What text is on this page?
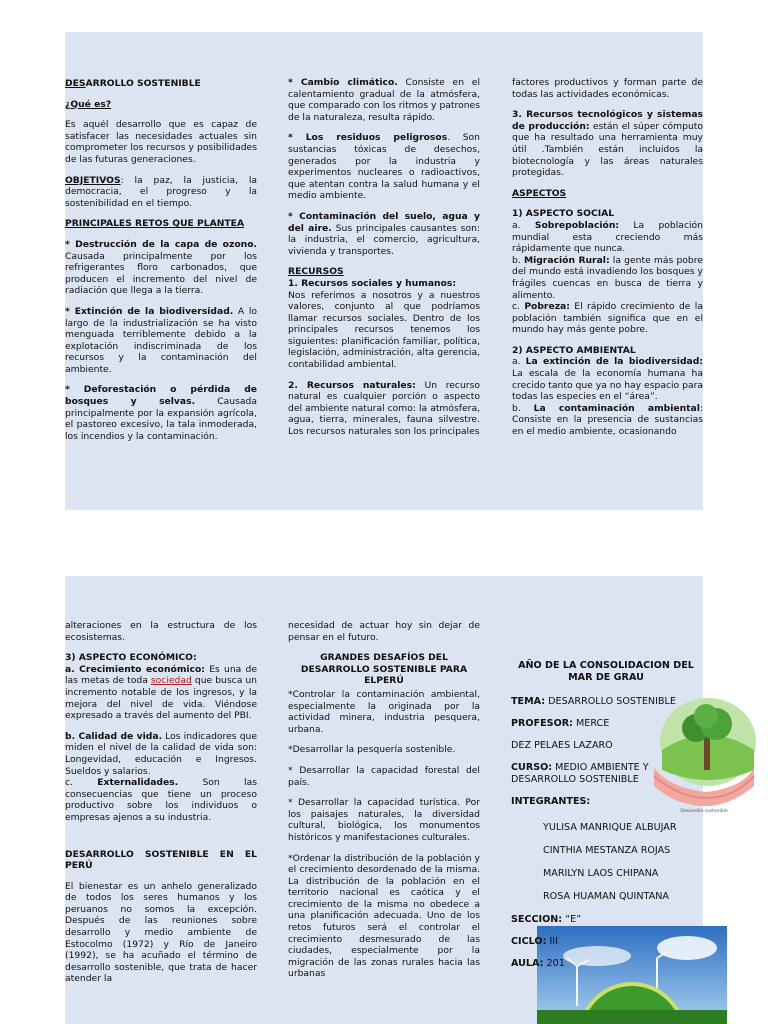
DESARROLLO SOSTENIBLE

¿Qué es?

Es aquél desarrollo que es capaz de satisfacer las necesidades actuales sin comprometer los recursos y posibilidades de las futuras generaciones.

OBJETIVOS: la paz, la justicia, la democracia, el progreso y la sostenibilidad en el tiempo.

PRINCIPALES RETOS QUE PLANTEA

* Destrucción de la capa de ozono. Causada principalmente por los refrigerantes floro carbonados, que producen el incremento del nivel de radiación que llega a la tierra.

* Extinción de la biodiversidad. A lo largo de la industrialización se ha visto menguada terriblemente debido a la explotación indiscriminada de los recursos y la contaminación del ambiente.

* Deforestación o pérdida de bosques y selvas. Causada principalmente por la expansión agrícola, el pastoreo excesivo, la tala inmoderada, los incendios y la contaminación.

* Cambio climático. Consiste en el calentamiento gradual de la atmósfera, que comparado con los ritmos y patrones de la naturaleza, resulta rápido.

* Los residuos peligrosos. Son sustancias tóxicas de desechos, generados por la industria y experimentos nucleares o radioactivos, que atentan contra la salud humana y el medio ambiente.

* Contaminación del suelo, agua y del aire. Sus principales causantes son: la industria, el comercio, agricultura, vivienda y transportes.

RECURSOS

1. Recursos sociales y humanos:

Nos referimos a nosotros y a nuestros valores, conjunto al que podríamos llamar recursos sociales. Dentro de los principales recursos tenemos los siguientes: planificación familiar, política, legislación, administración, alta gerencia, contabilidad ambiental.

2. Recursos naturales: Un recurso natural es cualquier porción o aspecto del ambiente natural como: la atmósfera, agua, tierra, minerales, fauna silvestre. Los recursos naturales son los principales

factores productivos y forman parte de todas las actividades económicas.

3. Recursos tecnológicos y sistemas de producción: están el súper cómputo que ha resultado una herramienta muy útil .También están incluidos la biotecnología y las áreas naturales protegidas.

ASPECTOS

1) ASPECTO SOCIAL

a. Sobrepoblación: La población mundial esta creciendo más rápidamente que nunca.

b. Migración Rural: la gente más pobre del mundo está invadiendo los bosques y frágiles cuencas en busca de tierra y alimento.

c. Pobreza: El rápido crecimiento de la población también significa que en el mundo hay más gente pobre.

2) ASPECTO AMBIENTAL

a. La extinción de la biodiversidad: La escala de la economía humana ha crecido tanto que ya no hay espacio para todas las especies en el “área”.

b. La contaminación ambiental: Consiste en la presencia de sustancias en el medio ambiente, ocasionando

alteraciones en la estructura de los ecosistemas.

3) ASPECTO ECONÓMICO:

a. Crecimiento económico: Es una de las metas de toda sociedad que busca un incremento notable de los ingresos, y la mejora del nivel de vida. Viéndose expresado a través del aumento del PBI.

b. Calidad de vida. Los indicadores que miden el nivel de la calidad de vida son: Longevidad, educación e Ingresos. Sueldos y salarios.

c. Externalidades. Son las consecuencias que tiene un proceso productivo sobre los individuos o empresas ajenos a su industria.

DESARROLLO SOSTENIBLE EN EL PERÚ

El bienestar es un anhelo generalizado de todos los seres humanos y los peruanos no somos la excepción. Después de las reuniones sobre desarrollo y medio ambiente de Estocolmo (1972) y Río de Janeiro (1992), se ha acuñado el término de desarrollo sostenible, que trata de hacer atender la

necesidad de actuar hoy sin dejar de pensar en el futuro.

GRANDES DESAFÍOS DEL DESARROLLO SOSTENIBLE PARA ELPERÚ

*Controlar la contaminación ambiental, especialmente la originada por la actividad minera, industria pesquera, urbana.

*Desarrollar la pesquería sostenible.

* Desarrollar la capacidad forestal del país.

* Desarrollar la capacidad turística. Por los paisajes naturales, la diversidad cultural, biológica, los monumentos históricos y manifestaciones culturales.

*Ordenar la distribución de la población y el crecimiento desordenado de la misma. La distribución de la población en el territorio nacional es caótica y el crecimiento de la misma no obedece a una planificación adecuada. Uno de los retos futuros será el controlar el crecimiento desmesurado de las ciudades, especialmente por la migración de las zonas rurales hacia las urbanas

AÑO DE LA CONSOLIDACION DEL MAR DE GRAU
TEMA: DESARROLLO SOSTENIBLE
PROFESOR: MERCE
DEZ PELAES LAZARO
CURSO: MEDIO AMBIENTE Y DESARROLLO SOSTENIBLE
INTEGRANTES:
YULISA MANRIQUE ALBUJAR
CINTHIA MESTANZA ROJAS
MARILYN LAOS CHIPANA
ROSA HUAMAN QUINTANA
SECCION: “E”
CICLO: III
AULA: 201
Desarrollo sostenible
